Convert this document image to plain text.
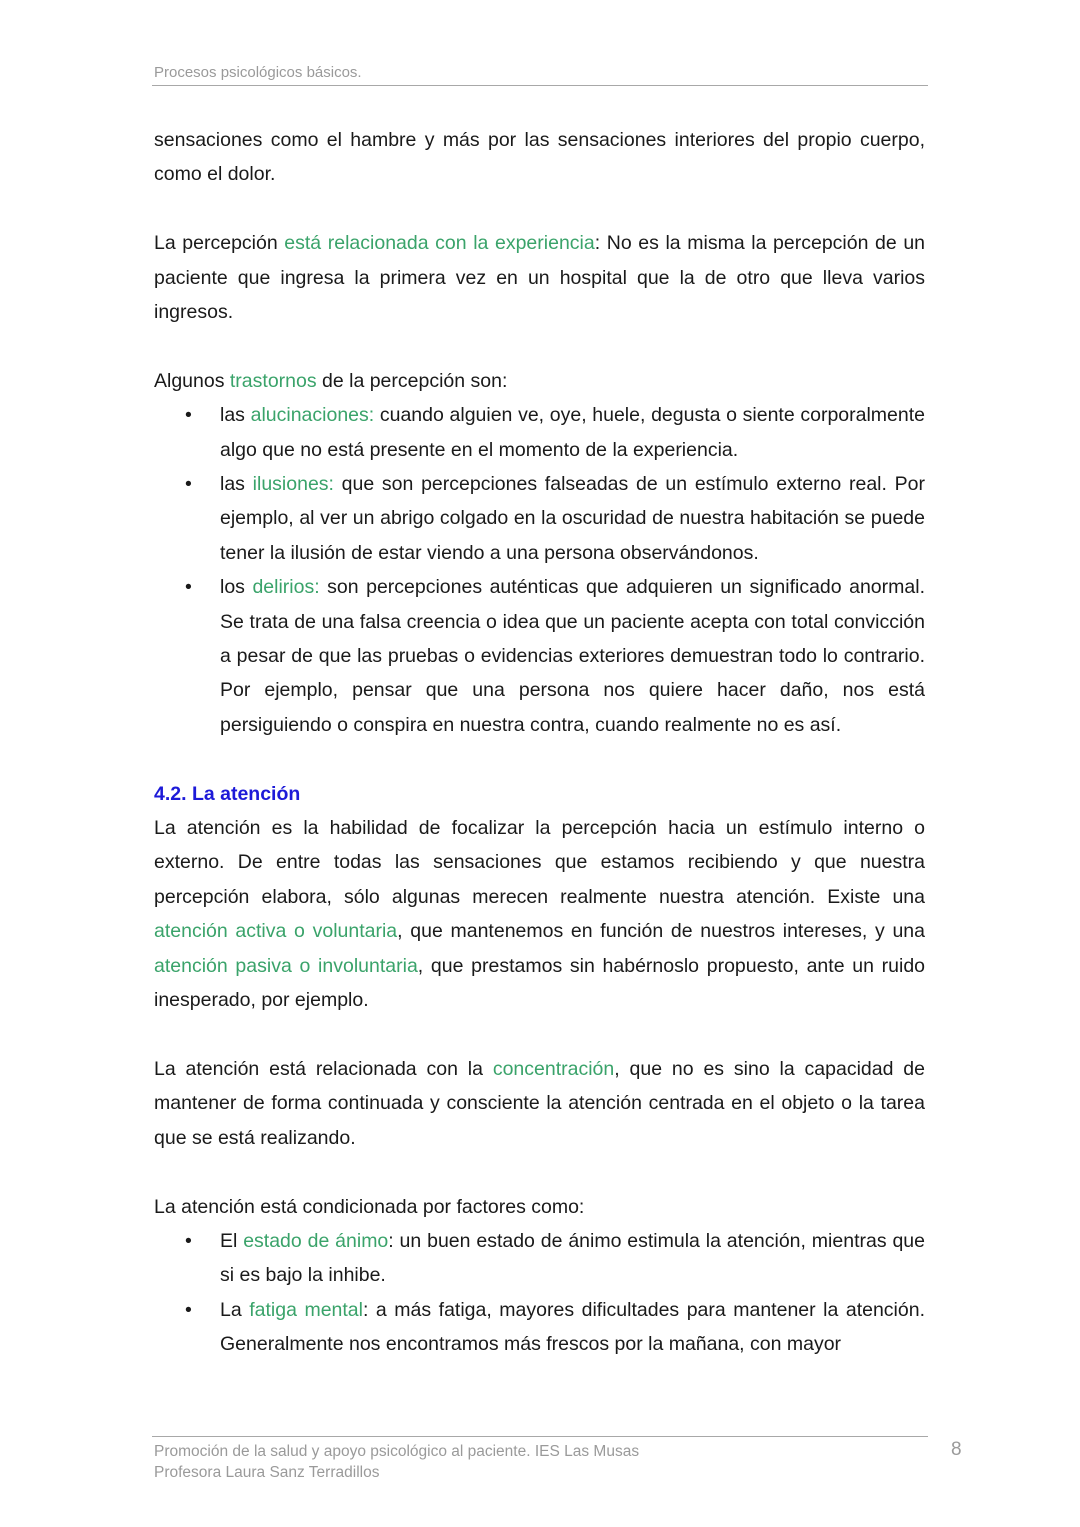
Procesos psicológicos básicos.

sensaciones como el hambre y más por las sensaciones interiores del propio cuerpo, como el dolor.

La percepción está relacionada con la experiencia: No es la misma la percepción de un paciente que ingresa la primera vez en un hospital que la de otro que lleva varios ingresos.

Algunos trastornos de la percepción son:

• las alucinaciones: cuando alguien ve, oye, huele, degusta o siente corporalmente algo que no está presente en el momento de la experiencia.
• las ilusiones: que son percepciones falseadas de un estímulo externo real. Por ejemplo, al ver un abrigo colgado en la oscuridad de nuestra habitación se puede tener la ilusión de estar viendo a una persona observándonos.
• los delirios: son percepciones auténticas que adquieren un significado anormal. Se trata de una falsa creencia o idea que un paciente acepta con total convicción a pesar de que las pruebas o evidencias exteriores demuestran todo lo contrario. Por ejemplo, pensar que una persona nos quiere hacer daño, nos está persiguiendo o conspira en nuestra contra, cuando realmente no es así.

4.2. La atención

La atención es la habilidad de focalizar la percepción hacia un estímulo interno o externo. De entre todas las sensaciones que estamos recibiendo y que nuestra percepción elabora, sólo algunas merecen realmente nuestra atención. Existe una atención activa o voluntaria, que mantenemos en función de nuestros intereses, y una atención pasiva o involuntaria, que prestamos sin habérnoslo propuesto, ante un ruido inesperado, por ejemplo.

La atención está relacionada con la concentración, que no es sino la capacidad de mantener de forma continuada y consciente la atención centrada en el objeto o la tarea que se está realizando.

La atención está condicionada por factores como:

• El estado de ánimo: un buen estado de ánimo estimula la atención, mientras que si es bajo la inhibe.
• La fatiga mental: a más fatiga, mayores dificultades para mantener la atención. Generalmente nos encontramos más frescos por la mañana, con mayor
Promoción de la salud y apoyo psicológico al paciente. IES Las Musas
Profesora Laura Sanz Terradillos
8
